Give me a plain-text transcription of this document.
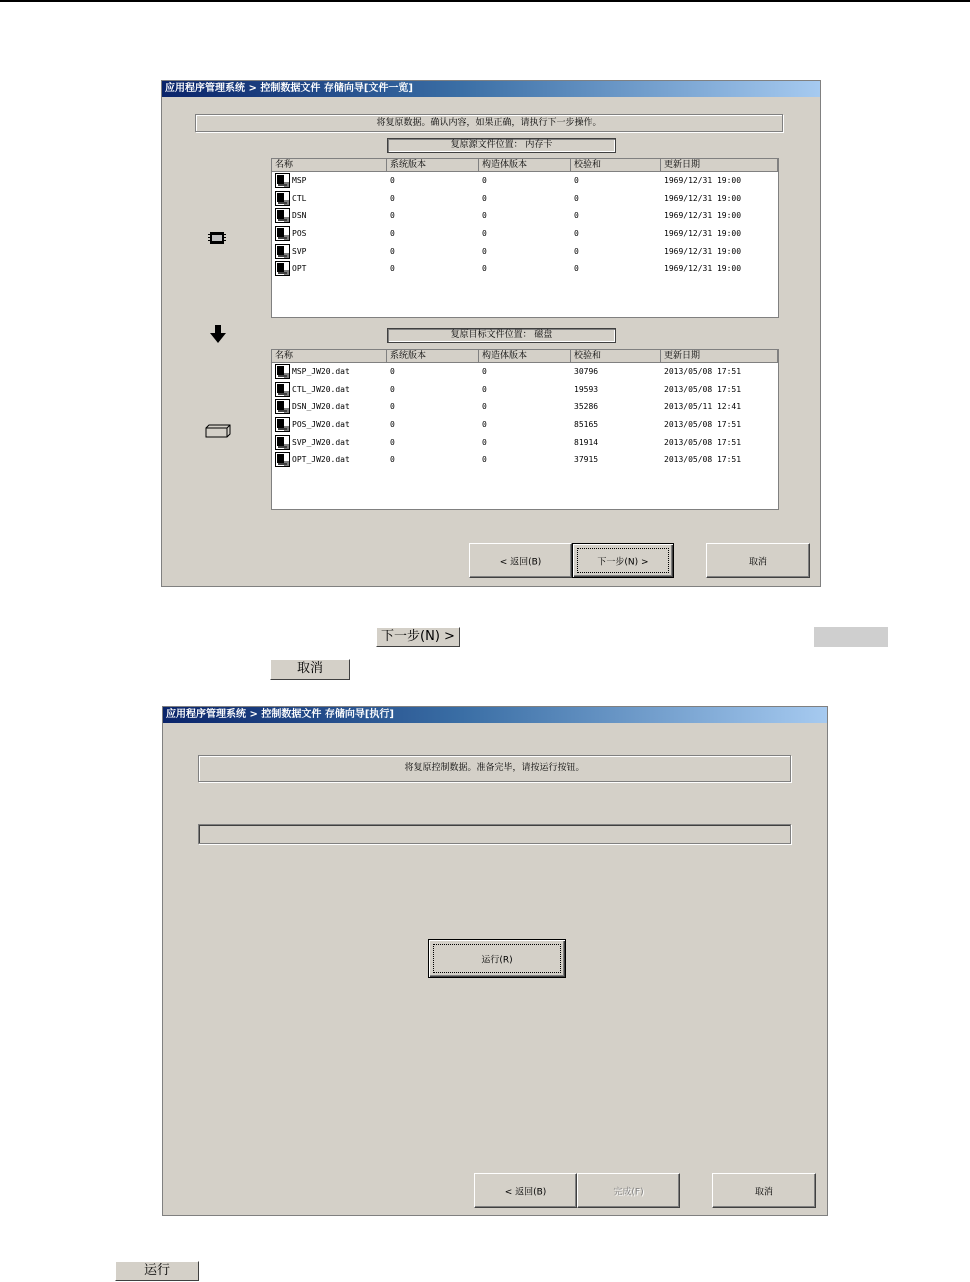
应用程序管理系统 > 控制数据文件 存储向导[文件一览]
将复原数据。确认内容，如果正确，请执行下一步操作。
复原源文件位置： 内存卡
名称	系统版本	构造体版本	校验和	更新日期
MSP	0	0	0	1969/12/31 19:00
CTL	0	0	0	1969/12/31 19:00
DSN	0	0	0	1969/12/31 19:00
POS	0	0	0	1969/12/31 19:00
SVP	0	0	0	1969/12/31 19:00
OPT	0	0	0	1969/12/31 19:00
复原目标文件位置： 磁盘
名称	系统版本	构造体版本	校验和	更新日期
MSP_JW20.dat	0	0	30796	2013/05/08 17:51
CTL_JW20.dat	0	0	19593	2013/05/08 17:51
DSN_JW20.dat	0	0	35286	2013/05/11 12:41
POS_JW20.dat	0	0	85165	2013/05/08 17:51
SVP_JW20.dat	0	0	81914	2013/05/08 17:51
OPT_JW20.dat	0	0	37915	2013/05/08 17:51
< 返回(B)	下一步(N) >	取消
下一步(N) >
取消
应用程序管理系统 > 控制数据文件 存储向导[执行]
将复原控制数据。准备完毕，请按运行按钮。
运行(R)
< 返回(B)	完成(F)	取消
运行
